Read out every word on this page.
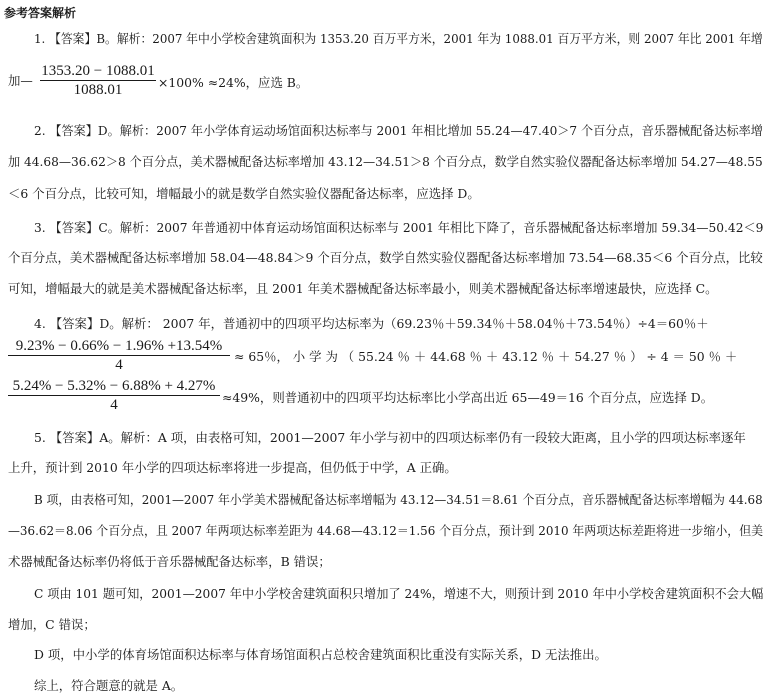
参考答案解析
1. 【答案】B。解析：2007 年中小学校舍建筑面积为 1353.20 百万平方米，2001 年为 1088.01 百万平方米，则 2007 年比 2001 年增
加—
1353.20 − 1088.01
1088.01	×100% ≈24%，应选 B。
2. 【答案】D。解析：2007 年小学体育运动场馆面积达标率与 2001 年相比增加 55.24—47.40＞7 个百分点，音乐器械配备达标率增
加 44.68—36.62＞8 个百分点，美术器械配备达标率增加 43.12—34.51＞8 个百分点，数学自然实验仪器配备达标率增加 54.27—48.55
＜6 个百分点，比较可知，增幅最小的就是数学自然实验仪器配备达标率，应选择 D。
3. 【答案】C。解析：2007 年普通初中体育运动场馆面积达标率与 2001 年相比下降了，音乐器械配备达标率增加 59.34—50.42＜9
个百分点，美术器械配备达标率增加 58.04—48.84＞9 个百分点，数学自然实验仪器配备达标率增加 73.54—68.35＜6 个百分点，比较
可知，增幅最大的就是美术器械配备达标率，且 2001 年美术器械配备达标率最小，则美术器械配备达标率增速最快，应选择 C。
4. 【答案】D。解析： 2007 年，普通初中的四项平均达标率为（69.23％＋59.34％＋58.04％＋73.54％）÷4＝60％＋
9.23% − 0.66% − 1.96% +13.54%
4
≈ 65％， 小 学 为 （ 55.24 ％ ＋ 44.68 ％ ＋ 43.12 ％ ＋ 54.27 ％ ） ÷ 4 ＝ 50 ％ ＋
5.24% − 5.32% − 6.88% + 4.27%
4	≈49%，则普通初中的四项平均达标率比小学高出近 65—49＝16 个百分点，应选择 D。
5. 【答案】A。解析：A 项，由表格可知，2001—2007 年小学与初中的四项达标率仍有一段较大距离，且小学的四项达标率逐年
上升，预计到 2010 年小学的四项达标率将进一步提高，但仍低于中学，A 正确。
B 项，由表格可知，2001—2007 年小学美术器械配备达标率增幅为 43.12—34.51＝8.61 个百分点，音乐器械配备达标率增幅为 44.68
—36.62＝8.06 个百分点，且 2007 年两项达标率差距为 44.68—43.12＝1.56 个百分点，预计到 2010 年两项达标差距将进一步缩小，但美
术器械配备达标率仍将低于音乐器械配备达标率，B 错误；
C 项由 101 题可知，2001—2007 年中小学校舍建筑面积只增加了 24%，增速不大，则预计到 2010 年中小学校舍建筑面积不会大幅
增加，C 错误；
D 项，中小学的体育场馆面积达标率与体育场馆面积占总校舍建筑面积比重没有实际关系，D 无法推出。
综上，符合题意的就是 A。
